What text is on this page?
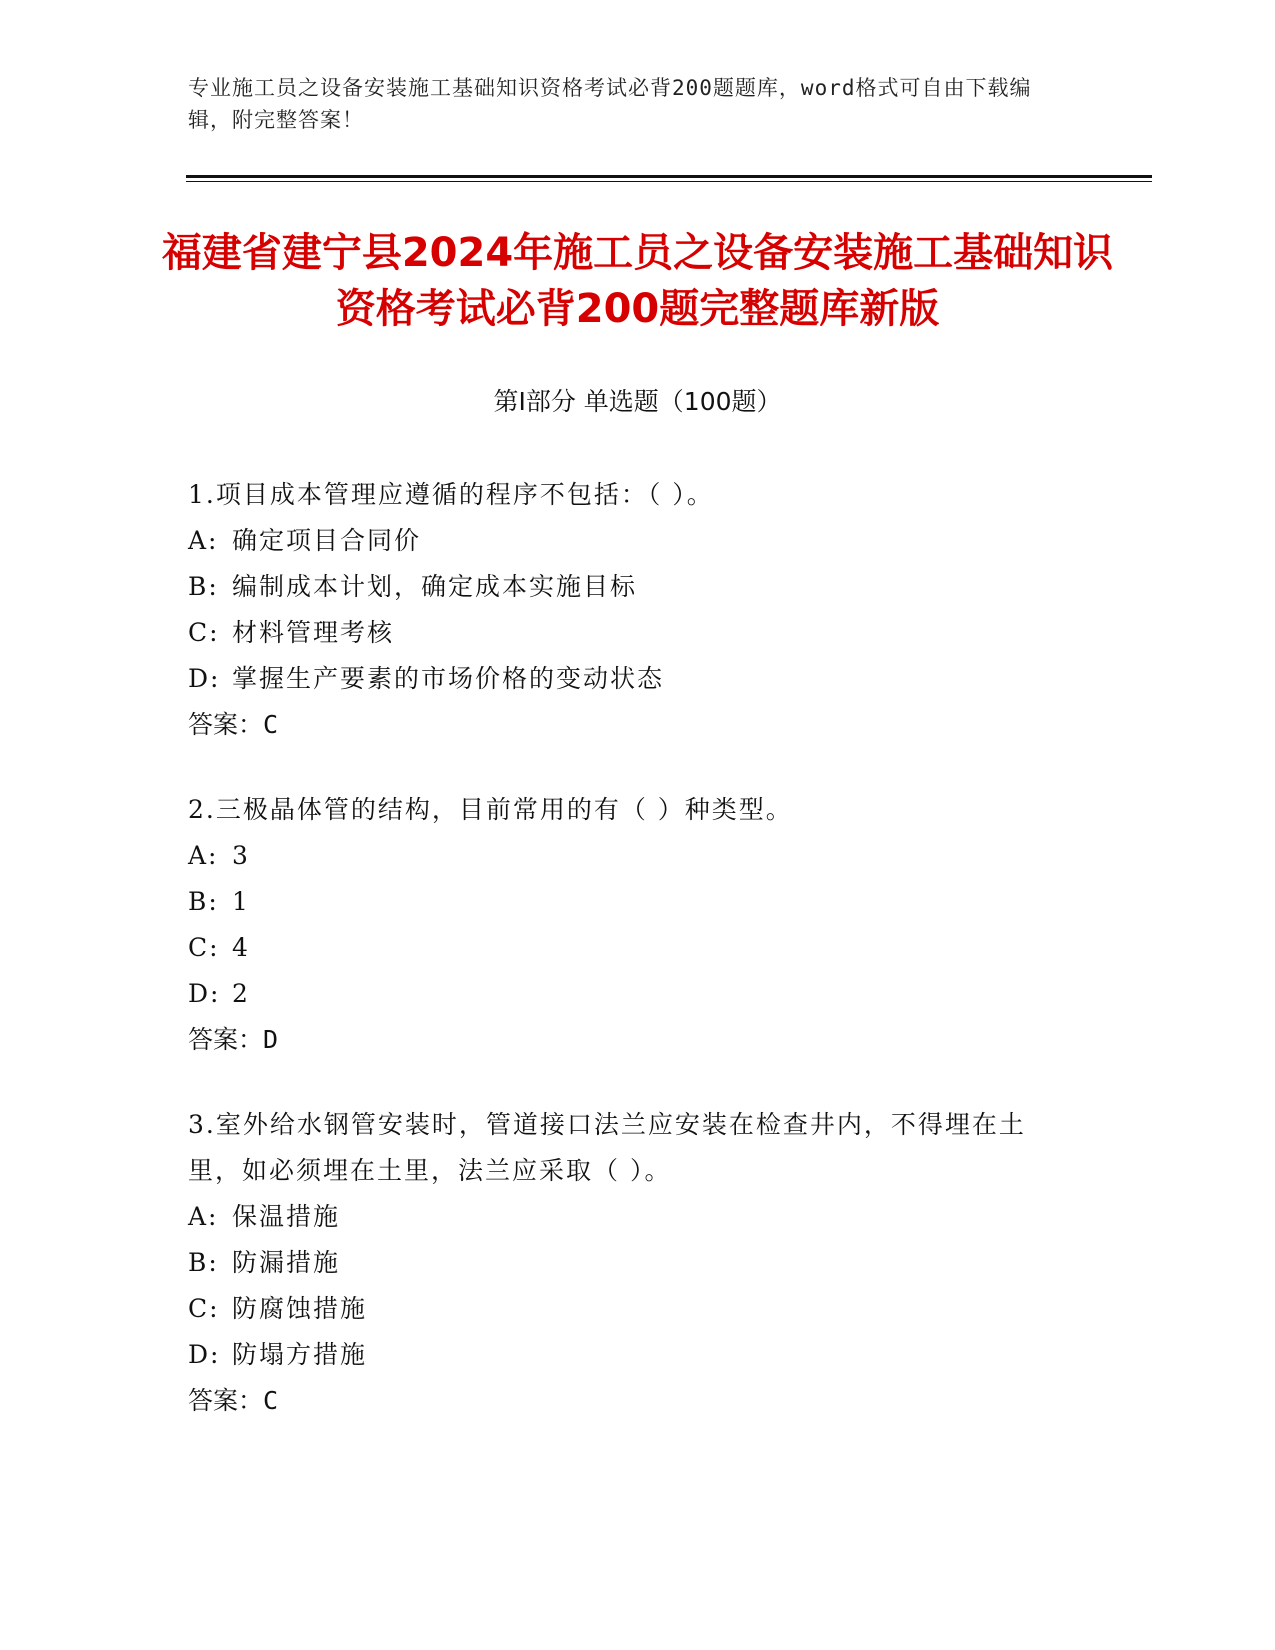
专业施工员之设备安装施工基础知识资格考试必背200题题库，word格式可自由下载编辑，附完整答案！
福建省建宁县2024年施工员之设备安装施工基础知识资格考试必背200题完整题库新版
第Ⅰ部分 单选题（100题）

1.项目成本管理应遵循的程序不包括：（ ）。

A: 确定项目合同价

B: 编制成本计划，确定成本实施目标

C: 材料管理考核

D: 掌握生产要素的市场价格的变动状态

答案：C

2.三极晶体管的结构，目前常用的有（ ）种类型。

A: 3

B: 1

C: 4

D: 2

答案：D

3.室外给水钢管安装时，管道接口法兰应安装在检查井内，不得埋在土里，如必须埋在土里，法兰应采取（ ）。

A: 保温措施

B: 防漏措施

C: 防腐蚀措施

D: 防塌方措施

答案：C
